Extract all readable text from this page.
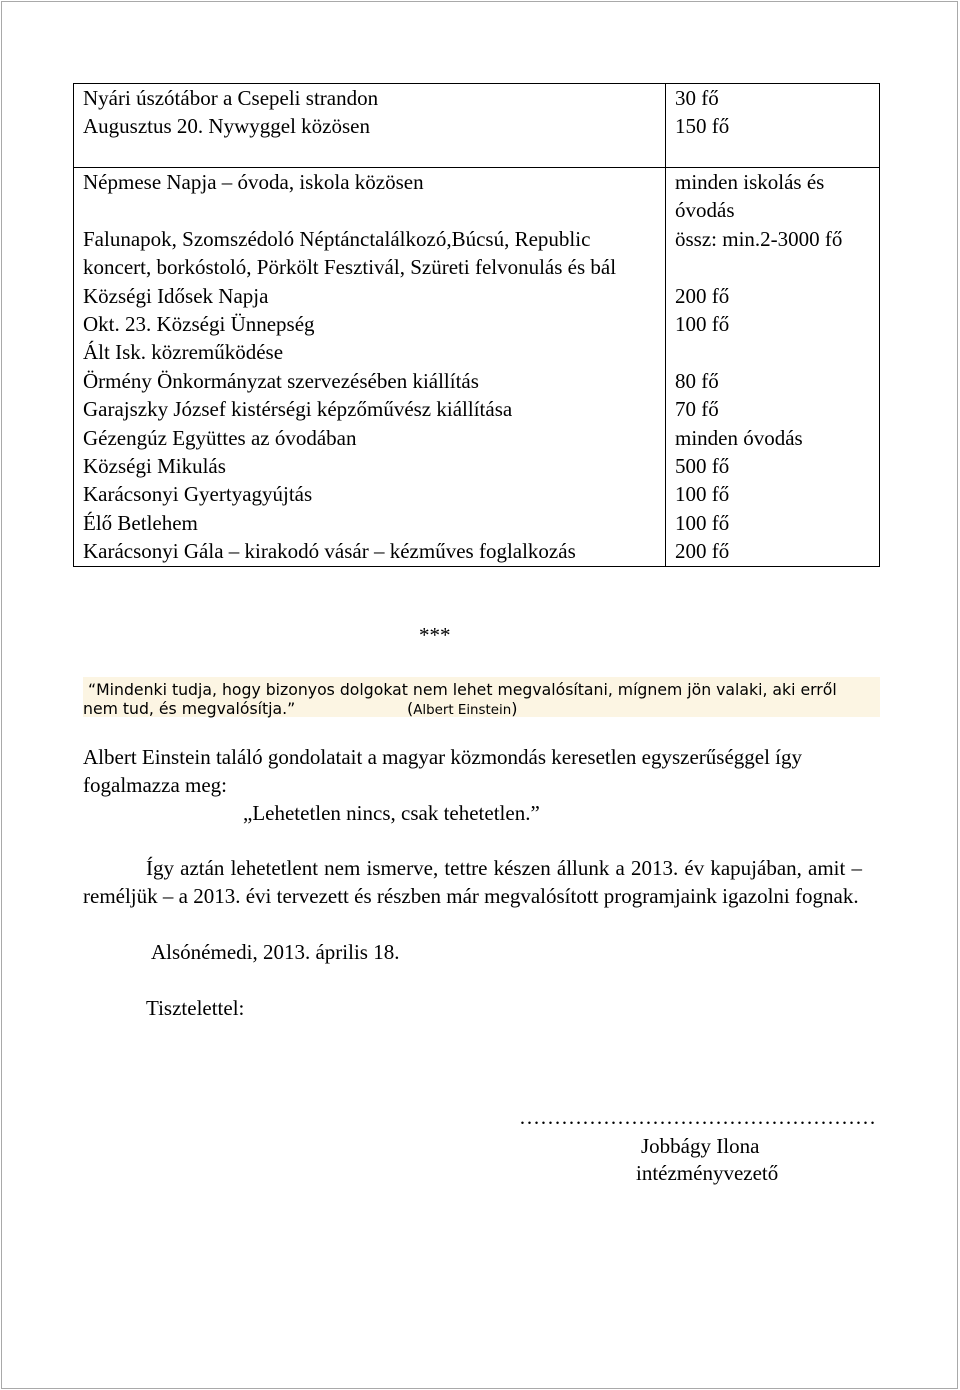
Nyári úszótábor a Csepeli strandon
Augusztus 20. Nywyggel közösen
30 fő
150 fő
Népmese Napja – óvoda, iskola közösen
Falunapok, Szomszédoló Néptánctalálkozó,Búcsú, Republic
koncert, borkóstoló, Pörkölt Fesztivál, Szüreti felvonulás és bál
Községi Idősek Napja
Okt. 23. Községi Ünnepség
Ált Isk. közreműködése
Örmény Önkormányzat szervezésében kiállítás
Garajszky József kistérségi képzőművész kiállítása
Gézengúz Együttes az óvodában
Községi Mikulás
Karácsonyi Gyertyagyújtás
Élő Betlehem
Karácsonyi Gála – kirakodó vásár – kézműves foglalkozás
minden iskolás és
óvodás
össz: min.2-3000 fő
200 fő
100 fő
80 fő
70 fő
minden óvodás
500 fő
100 fő
100 fő
200 fő
***
“Mindenki tudja, hogy bizonyos dolgokat nem lehet megvalósítani, mígnem jön valaki, aki erről
nem tud, és megvalósítja.”	(Albert Einstein)
Albert Einstein találó gondolatait a magyar közmondás keresetlen egyszerűséggel így
fogalmazza meg:
„Lehetetlen nincs, csak tehetetlen.”
Így aztán lehetetlent nem ismerve, tettre készen állunk a 2013. év kapujában, amit –
reméljük – a 2013. évi tervezett és részben már megvalósított programjaink igazolni fognak.
Alsónémedi, 2013. április 18.
Tisztelettel:
……………………………………………
Jobbágy Ilona
intézményvezető
